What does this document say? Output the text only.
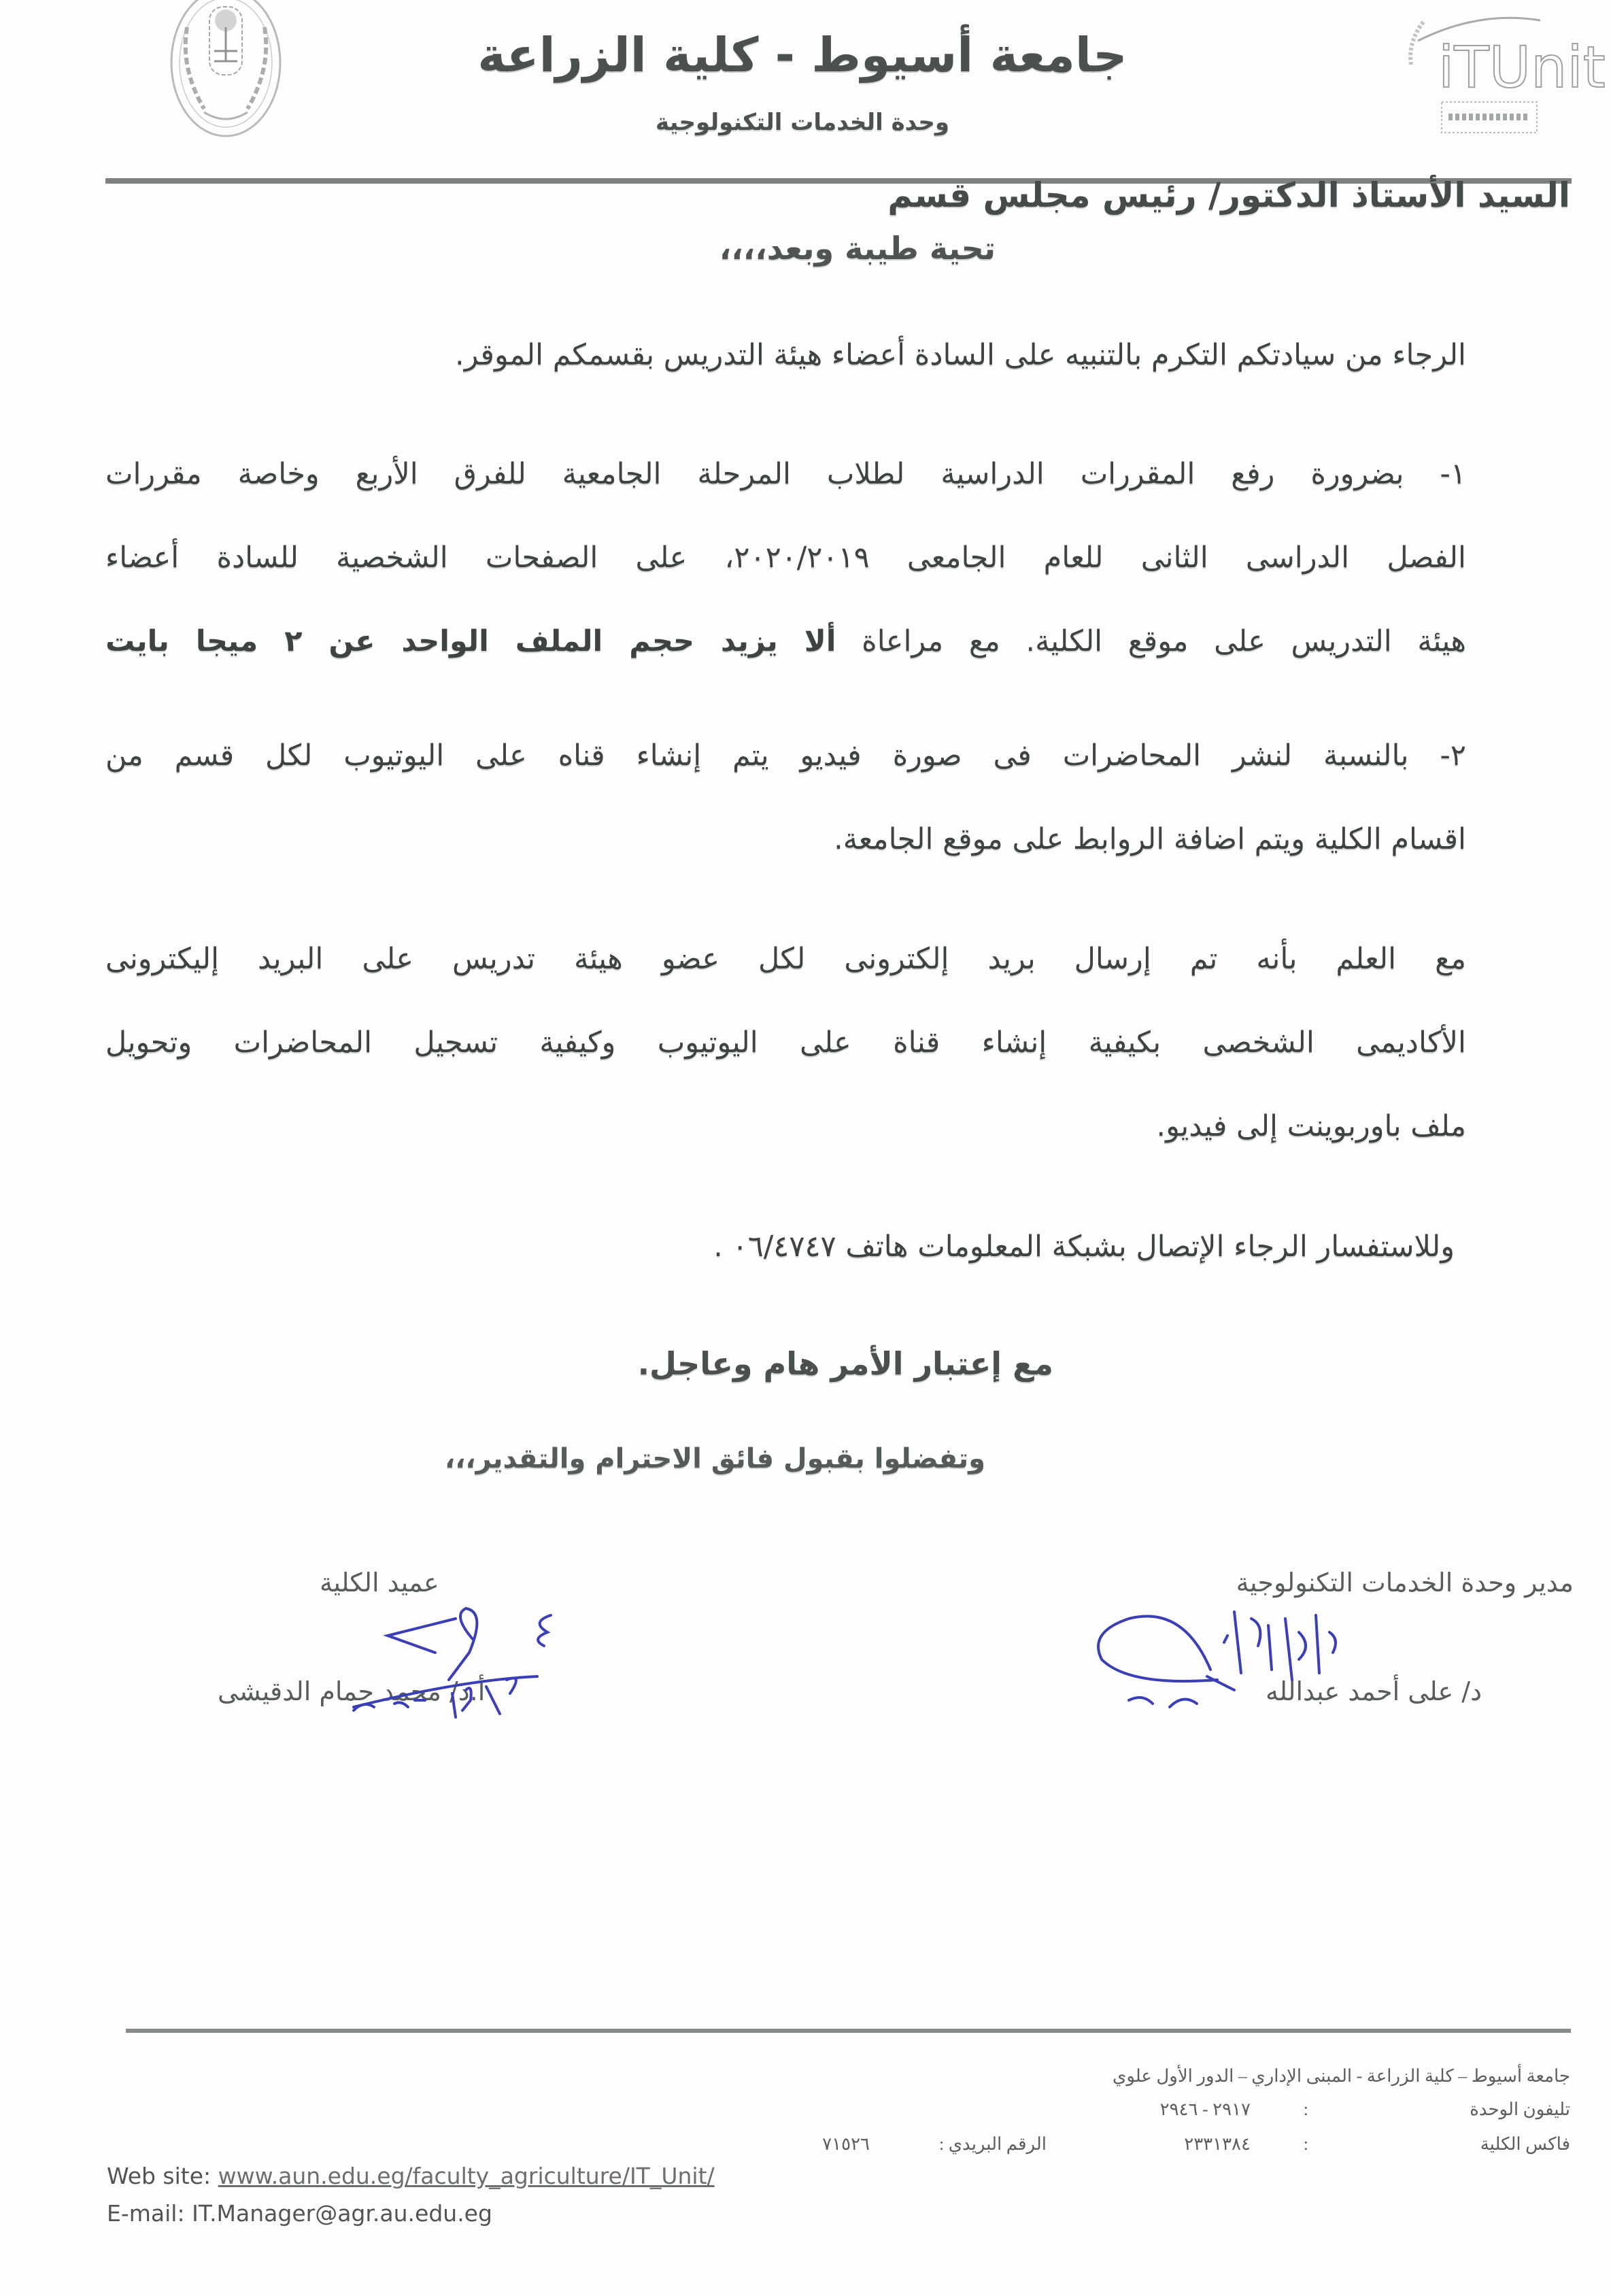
iTUnit
جامعة أسيوط - كلية الزراعة
وحدة الخدمات التكنولوجية
السيد الأستاذ الدكتور/ رئيس مجلس قسم
تحية طيبة وبعد،،،،
الرجاء من سيادتكم التكرم بالتنبيه على السادة أعضاء هيئة التدريس بقسمكم الموقر.
١- بضرورة رفع المقررات الدراسية لطلاب المرحلة الجامعية للفرق الأربع وخاصة مقررات
الفصل الدراسى الثانى للعام الجامعى ٢٠٢٠/٢٠١٩، على الصفحات الشخصية للسادة أعضاء
هيئة التدريس على موقع الكلية. مع مراعاة ألا يزيد حجم الملف الواحد عن ٢ ميجا بايت
٢- بالنسبة لنشر المحاضرات فى صورة فيديو يتم إنشاء قناه على اليوتيوب لكل قسم من
اقسام الكلية ويتم اضافة الروابط على موقع الجامعة.
مع العلم بأنه تم إرسال بريد إلكترونى لكل عضو هيئة تدريس على البريد إليكترونى
الأكاديمى الشخصى بكيفية إنشاء قناة على اليوتيوب وكيفية تسجيل المحاضرات وتحويل
ملف باوربوينت إلى فيديو.
وللاستفسار الرجاء الإتصال بشبكة المعلومات هاتف ٠٦/٤٧٤٧ .
مع إعتبار الأمر هام وعاجل.
وتفضلوا بقبول فائق الاحترام والتقدير،،،
عميد الكلية
أ.د/ محمد حمام الدقيشى
مدير وحدة الخدمات التكنولوجية
د/ على أحمد عبدالله
جامعة أسيوط – كلية الزراعة - المبنى الإداري – الدور الأول علوي
تليفون الوحدة
:
٢٩١٧ - ٢٩٤٦
فاكس الكلية
:
٢٣٣١٣٨٤
الرقم البريدي :
٧١٥٢٦
Web site: www.aun.edu.eg/faculty_agriculture/IT_Unit/
E-mail: IT.Manager@agr.au.edu.eg
